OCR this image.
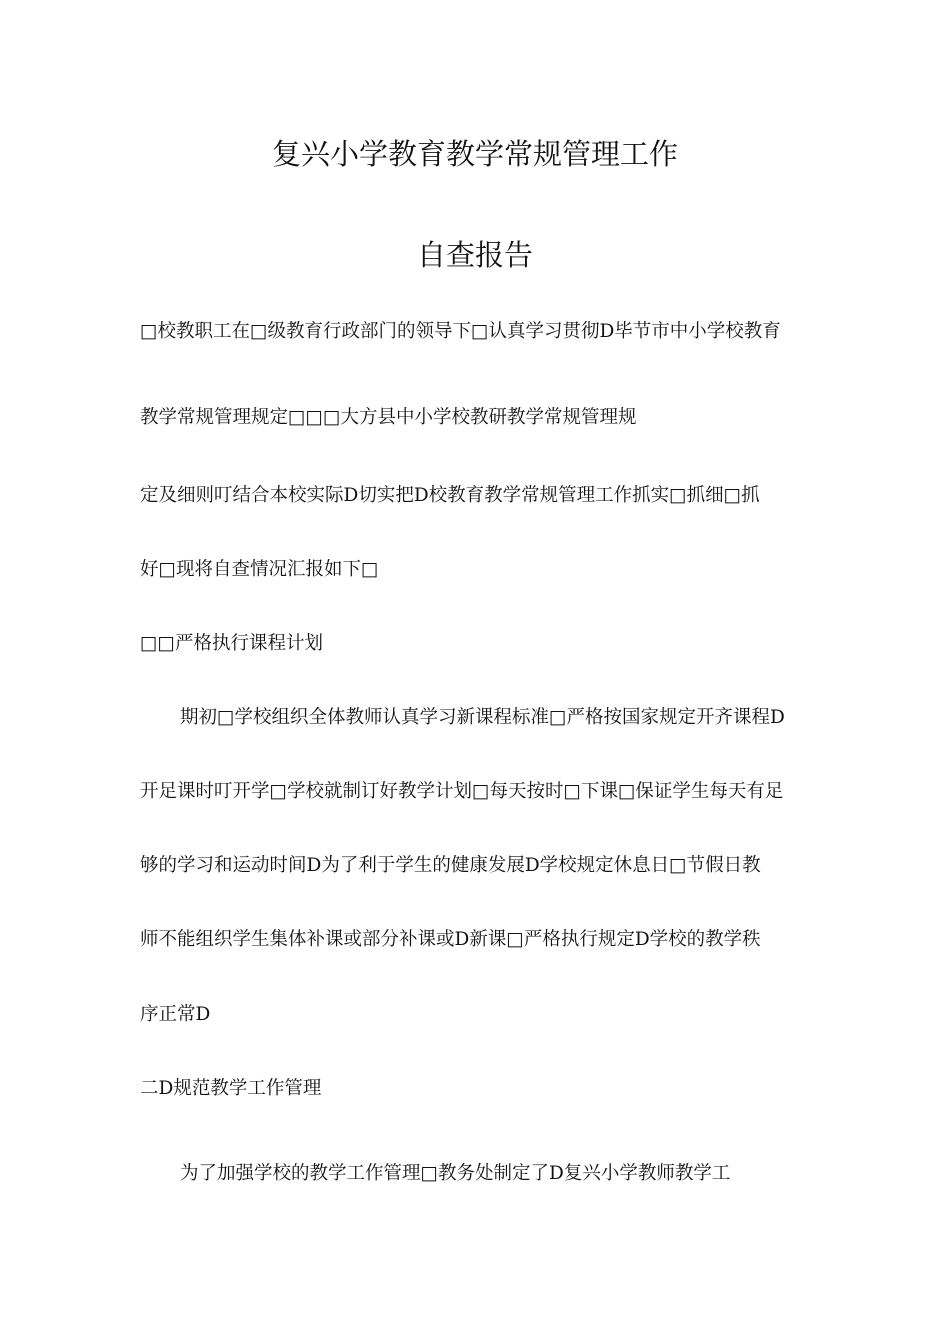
复兴小学教育教学常规管理工作
自查报告
□校教职工在□级教育行政部门的领导下□认真学习贯彻D毕节市中小学校教育
教学常规管理规定□□□大方县中小学校教研教学常规管理规
定及细则叮结合本校实际D切实把D校教育教学常规管理工作抓实□抓细□抓
好□现将自查情况汇报如下□
□□严格执行课程计划
期初□学校组织全体教师认真学习新课程标准□严格按国家规定开齐课程D
开足课时叮开学□学校就制订好教学计划□每天按时□下课□保证学生每天有足
够的学习和运动时间D为了利于学生的健康发展D学校规定休息日□节假日教
师不能组织学生集体补课或部分补课或D新课□严格执行规定D学校的教学秩
序正常D
二D规范教学工作管理
为了加强学校的教学工作管理□教务处制定了D复兴小学教师教学工
